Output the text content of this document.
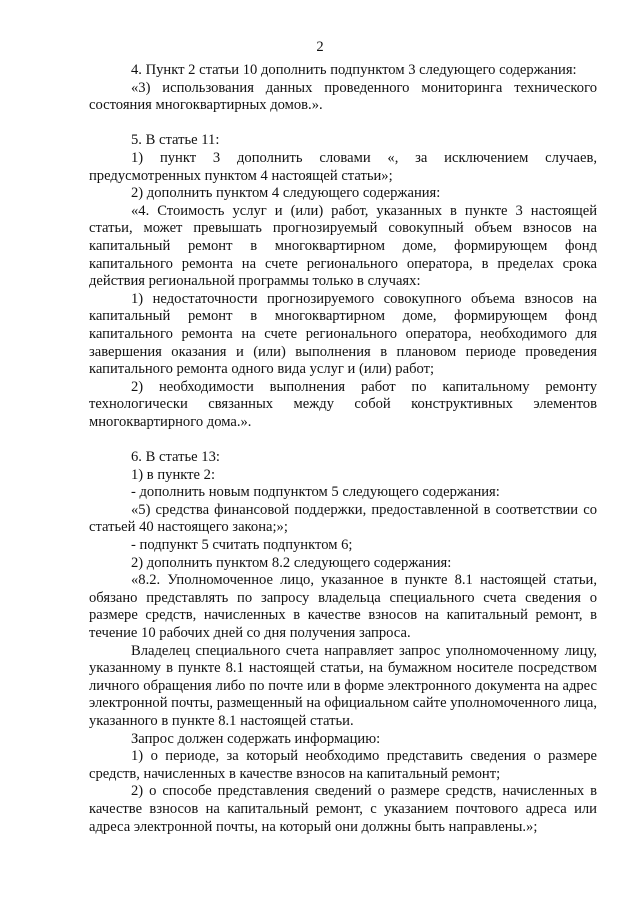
2

4. Пункт 2 статьи 10 дополнить подпунктом 3 следующего содержания:

«3) использования данных проведенного мониторинга технического состояния многоквартирных домов.».

5. В статье 11:

1) пункт 3 дополнить словами «, за исключением случаев, предусмотренных пунктом 4 настоящей статьи»;

2) дополнить пунктом 4 следующего содержания:

«4. Стоимость услуг и (или) работ, указанных в пункте 3 настоящей статьи, может превышать прогнозируемый совокупный объем взносов на капитальный ремонт в многоквартирном доме, формирующем фонд капитального ремонта на счете регионального оператора, в пределах срока действия региональной программы только в случаях:

1) недостаточности прогнозируемого совокупного объема взносов на капитальный ремонт в многоквартирном доме, формирующем фонд капитального ремонта на счете регионального оператора, необходимого для завершения оказания и (или) выполнения в плановом периоде проведения капитального ремонта одного вида услуг и (или) работ;

2) необходимости выполнения работ по капитальному ремонту технологически связанных между собой конструктивных элементов многоквартирного дома.».

6. В статье 13:

1) в пункте 2:

- дополнить новым подпунктом 5 следующего содержания:

«5) средства финансовой поддержки, предоставленной в соответствии со статьей 40 настоящего закона;»;

- подпункт 5 считать подпунктом 6;

2) дополнить пунктом 8.2 следующего содержания:

«8.2. Уполномоченное лицо, указанное в пункте 8.1 настоящей статьи, обязано представлять по запросу владельца специального счета сведения о размере средств, начисленных в качестве взносов на капитальный ремонт, в течение 10 рабочих дней со дня получения запроса.

Владелец специального счета направляет запрос уполномоченному лицу, указанному в пункте 8.1 настоящей статьи, на бумажном носителе посредством личного обращения либо по почте или в форме электронного документа на адрес электронной почты, размещенный на официальном сайте уполномоченного лица, указанного в пункте 8.1 настоящей статьи.

Запрос должен содержать информацию:

1) о периоде, за который необходимо представить сведения о размере средств, начисленных в качестве взносов на капитальный ремонт;

2) о способе представления сведений о размере средств, начисленных в качестве взносов на капитальный ремонт, с указанием почтового адреса или адреса электронной почты, на который они должны быть направлены.»;
